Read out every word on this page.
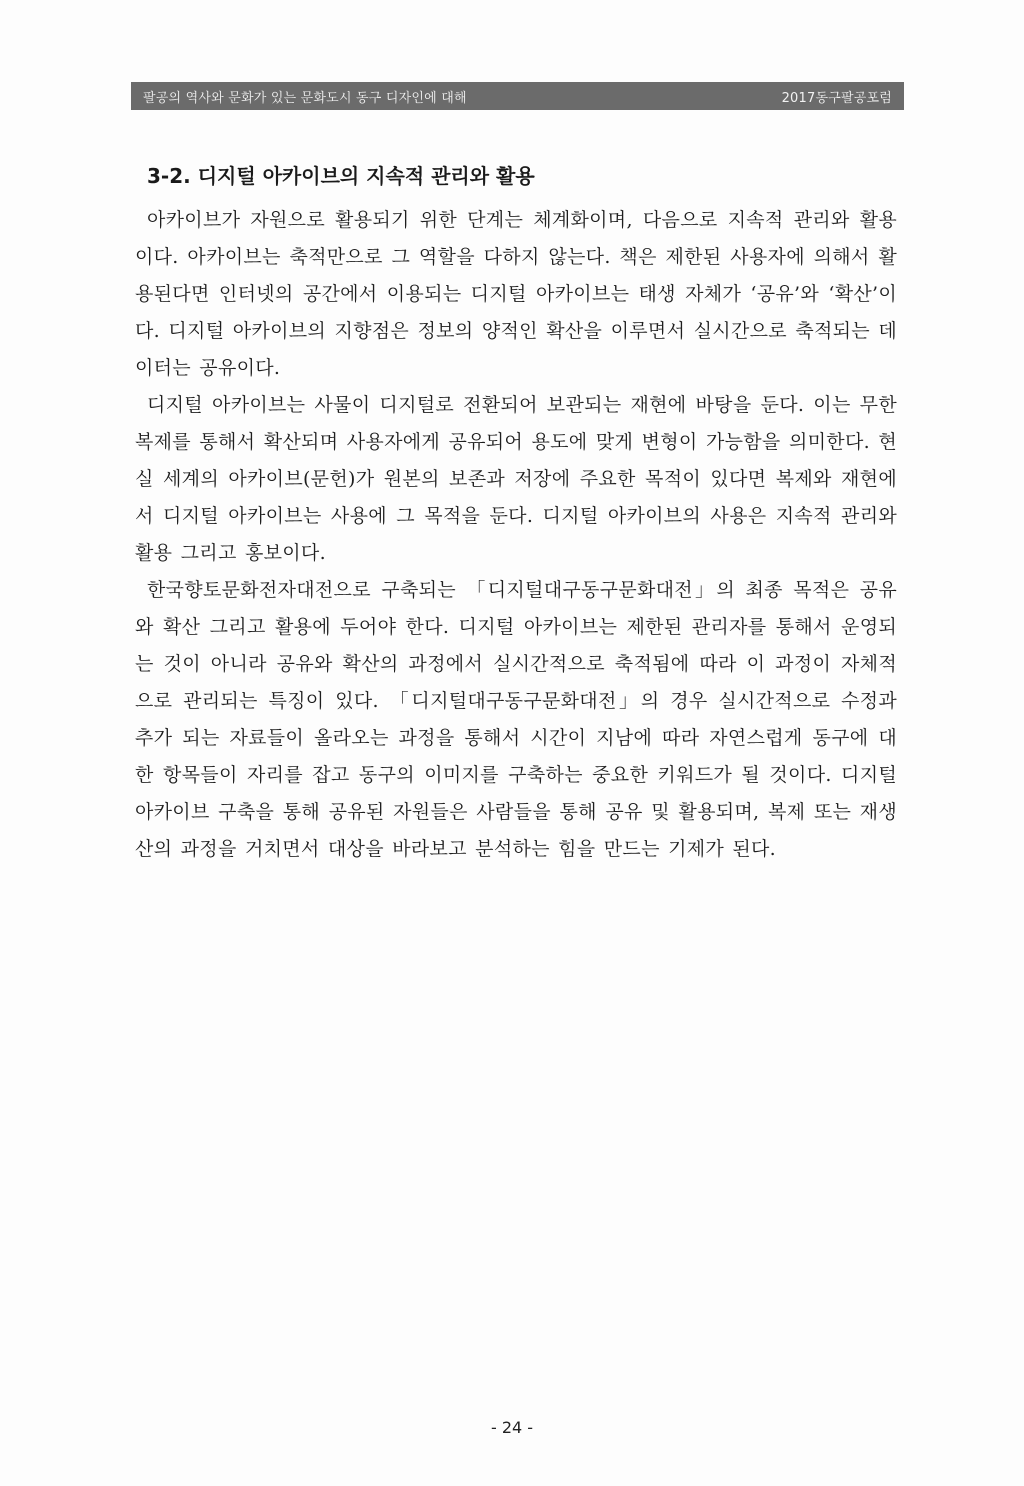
팔공의 역사와 문화가 있는 문화도시 동구 디자인에 대해	2017동구팔공포럼
3-2. 디지털 아카이브의 지속적 관리와 활용

아카이브가 자원으로 활용되기 위한 단계는 체계화이며, 다음으로 지속적 관리와 활용이다. 아카이브는 축적만으로 그 역할을 다하지 않는다. 책은 제한된 사용자에 의해서 활용된다면 인터넷의 공간에서 이용되는 디지털 아카이브는 태생 자체가 ‘공유’와 ‘확산’이다. 디지털 아카이브의 지향점은 정보의 양적인 확산을 이루면서 실시간으로 축적되는 데이터는 공유이다.

디지털 아카이브는 사물이 디지털로 전환되어 보관되는 재현에 바탕을 둔다. 이는 무한 복제를 통해서 확산되며 사용자에게 공유되어 용도에 맞게 변형이 가능함을 의미한다. 현실 세계의 아카이브(문헌)가 원본의 보존과 저장에 주요한 목적이 있다면 복제와 재현에서 디지털 아카이브는 사용에 그 목적을 둔다. 디지털 아카이브의 사용은 지속적 관리와 활용 그리고 홍보이다.

한국향토문화전자대전으로 구축되는 「디지털대구동구문화대전」의 최종 목적은 공유와 확산 그리고 활용에 두어야 한다. 디지털 아카이브는 제한된 관리자를 통해서 운영되는 것이 아니라 공유와 확산의 과정에서 실시간적으로 축적됨에 따라 이 과정이 자체적으로 관리되는 특징이 있다. 「디지털대구동구문화대전」의 경우 실시간적으로 수정과 추가 되는 자료들이 올라오는 과정을 통해서 시간이 지남에 따라 자연스럽게 동구에 대한 항목들이 자리를 잡고 동구의 이미지를 구축하는 중요한 키워드가 될 것이다. 디지털 아카이브 구축을 통해 공유된 자원들은 사람들을 통해 공유 및 활용되며, 복제 또는 재생산의 과정을 거치면서 대상을 바라보고 분석하는 힘을 만드는 기제가 된다.

- 24 -
